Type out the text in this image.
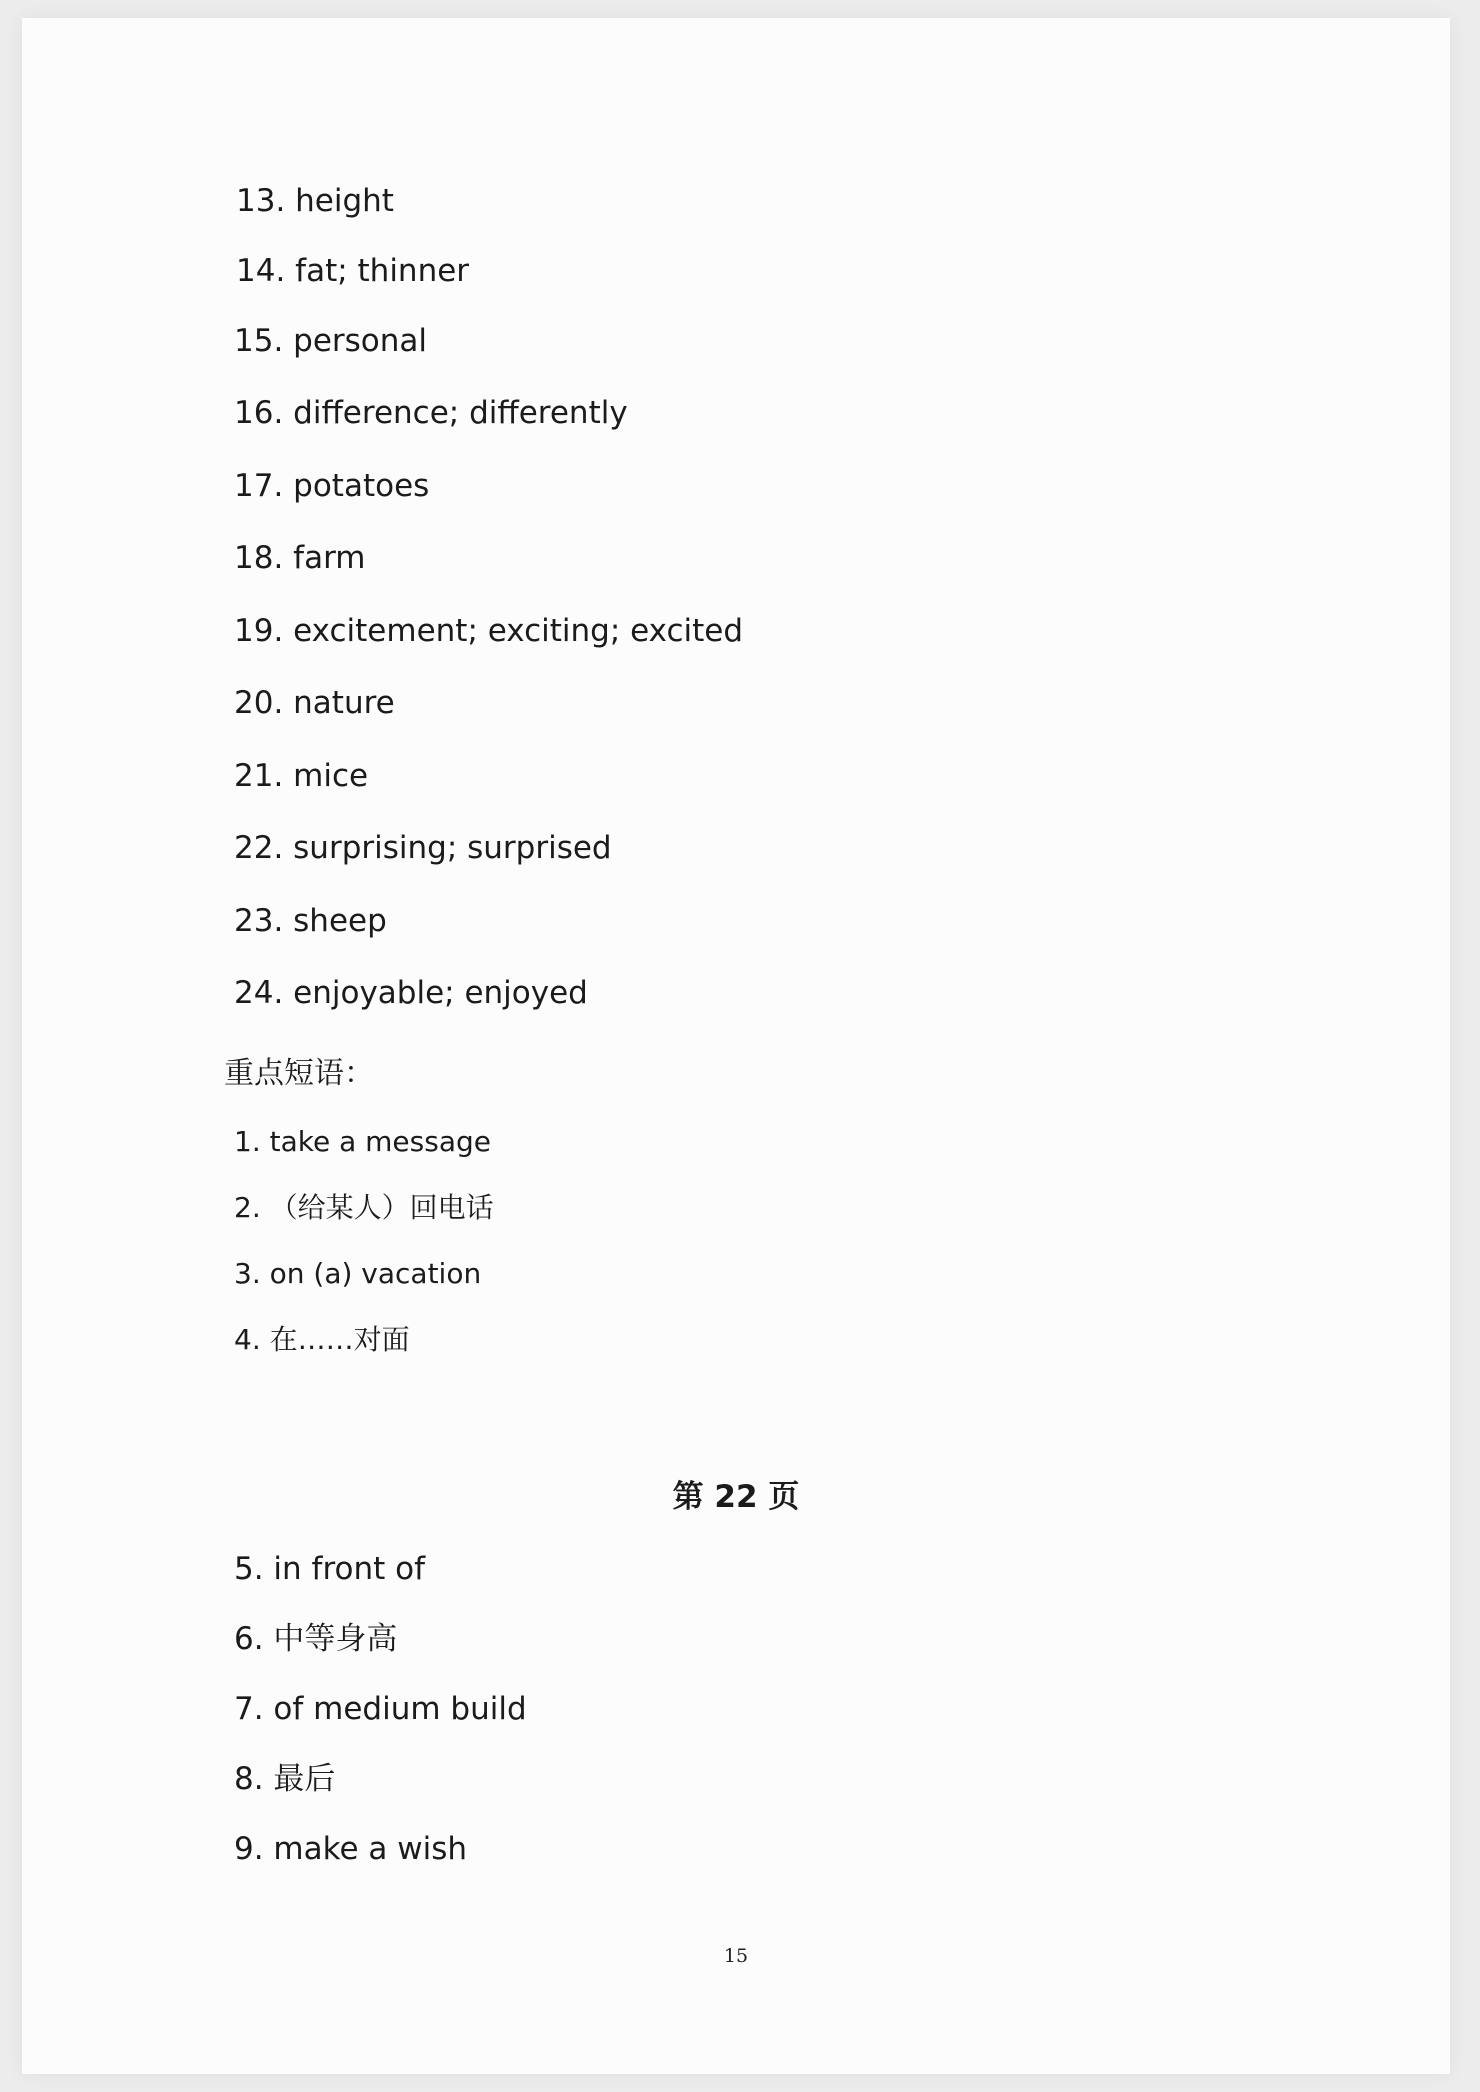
13. height
14. fat; thinner
15. personal
16. difference; differently
17. potatoes
18. farm
19. excitement; exciting; excited
20. nature
21. mice
22. surprising; surprised
23. sheep
24. enjoyable; enjoyed
重点短语：
1. take a message
2. （给某人）回电话
3. on (a) vacation
4. 在……对面
第 22 页
5. in front of
6. 中等身高
7. of medium build
8. 最后
9. make a wish
15
